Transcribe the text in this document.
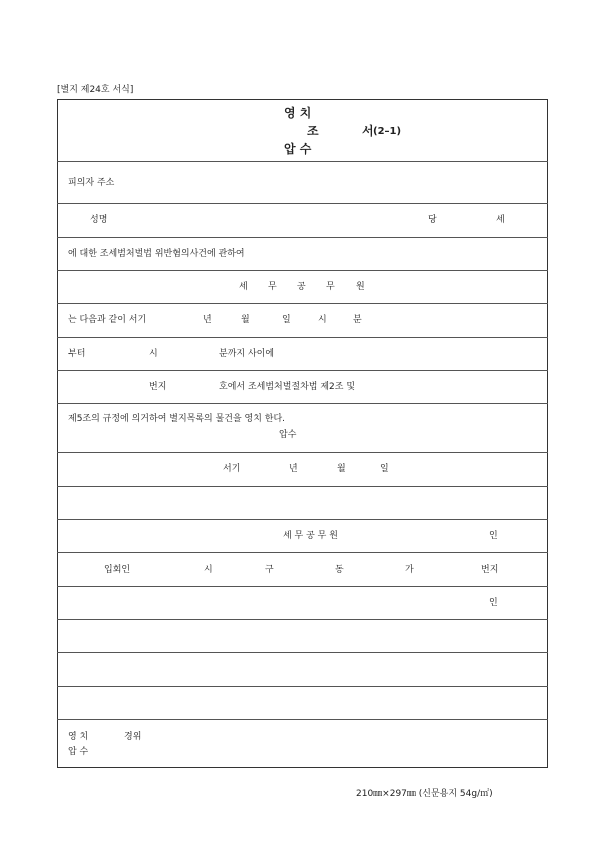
[별지 제24호 서식]
영 치
조	서 (2–1)
압 수
피의자 주소
성명	당	세
에 대한 조세범처벌법 위반혐의사건에 관하여
세 무 공 무 원
는 다음과 같이 서기	년	월	일	시	분
부터	시	분까지 사이에
번지	호에서 조세범처벌절차법 제2조 및
제5조의 규정에 의거하여 별지목록의 물건을 영치 한다.
압수
서기	년	월	일
세 무 공 무 원	인
입회인	시	구	동	가	번지
인
영 치	경위
압 수
210㎜×297㎜ (신문용지 54g/㎡)
